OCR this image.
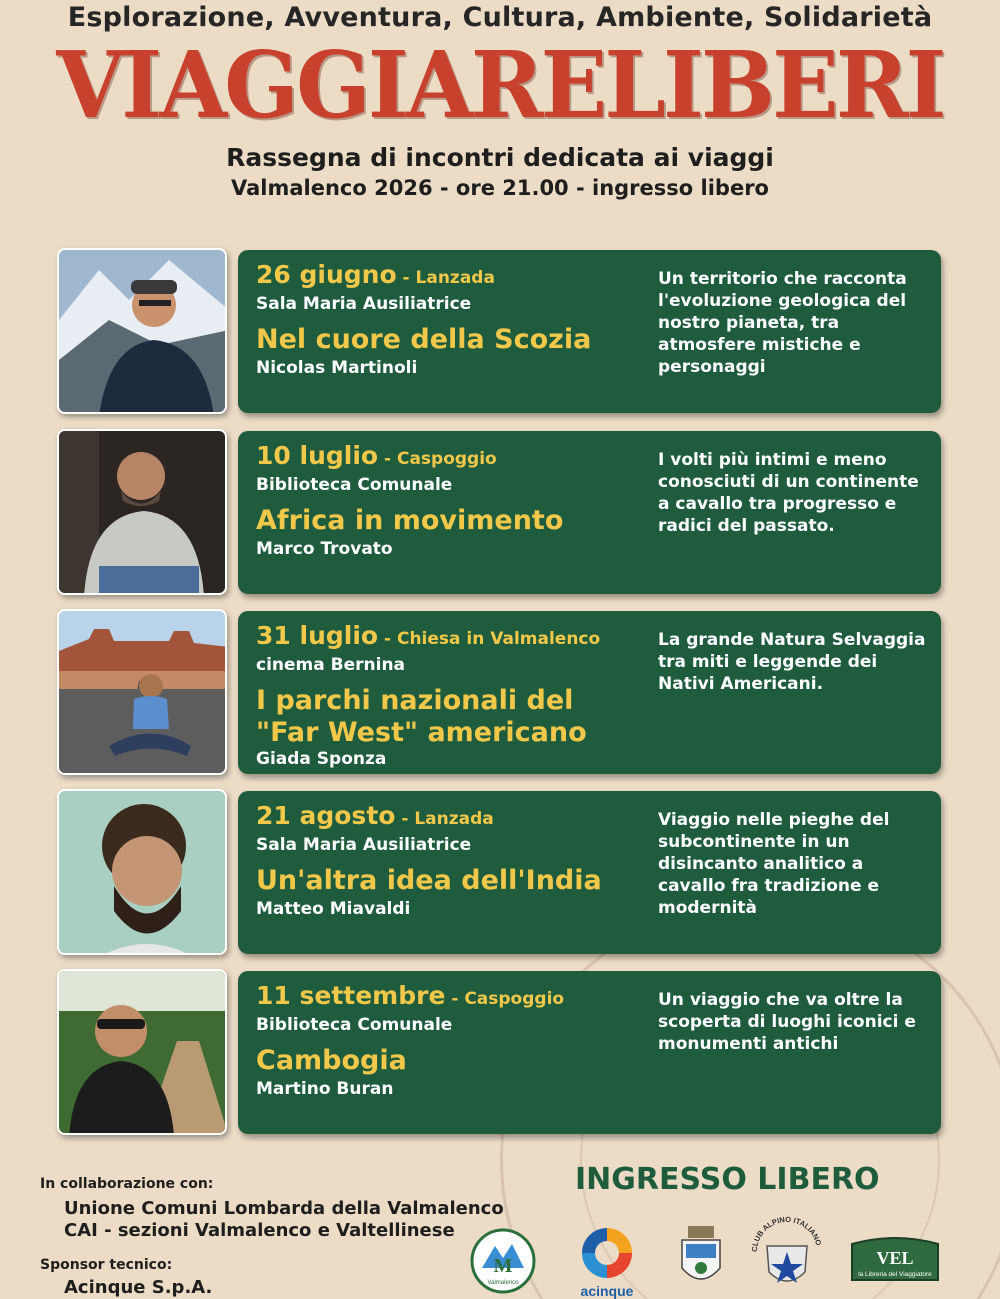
Esplorazione, Avventura, Cultura, Ambiente, Solidarietà
VIAGGIARELIBERI
Rassegna di incontri dedicata ai viaggi
Valmalenco 2026 - ore 21.00 - ingresso libero
26 giugno - Lanzada
Sala Maria Ausiliatrice
Nel cuore della Scozia
Nicolas Martinoli
Un territorio che racconta l'evoluzione geologica del nostro pianeta, tra atmosfere mistiche e personaggi
10 luglio - Caspoggio
Biblioteca Comunale
Africa in movimento
Marco Trovato
I volti più intimi e meno conosciuti di un continente a cavallo tra progresso e radici del passato.
31 luglio - Chiesa in Valmalenco
cinema Bernina
I parchi nazionali del "Far West" americano
Giada Sponza
La grande Natura Selvaggia tra miti e leggende dei Nativi Americani.
21 agosto - Lanzada
Sala Maria Ausiliatrice
Un'altra idea dell'India
Matteo Miavaldi
Viaggio nelle pieghe del subcontinente in un disincanto analitico a cavallo fra tradizione e modernità
11 settembre - Caspoggio
Biblioteca Comunale
Cambogia
Martino Buran
Un viaggio che va oltre la scoperta di luoghi iconici e monumenti antichi
In collaborazione con:
Unione Comuni Lombarda della Valmalenco
CAI - sezioni Valmalenco e Valtellinese
Sponsor tecnico:
Acinque S.p.A.
INGRESSO LIBERO
M
Valmalenco	acinque
CLUB ALPINO ITALIANO
VEL
la Libreria del Viaggiatore
